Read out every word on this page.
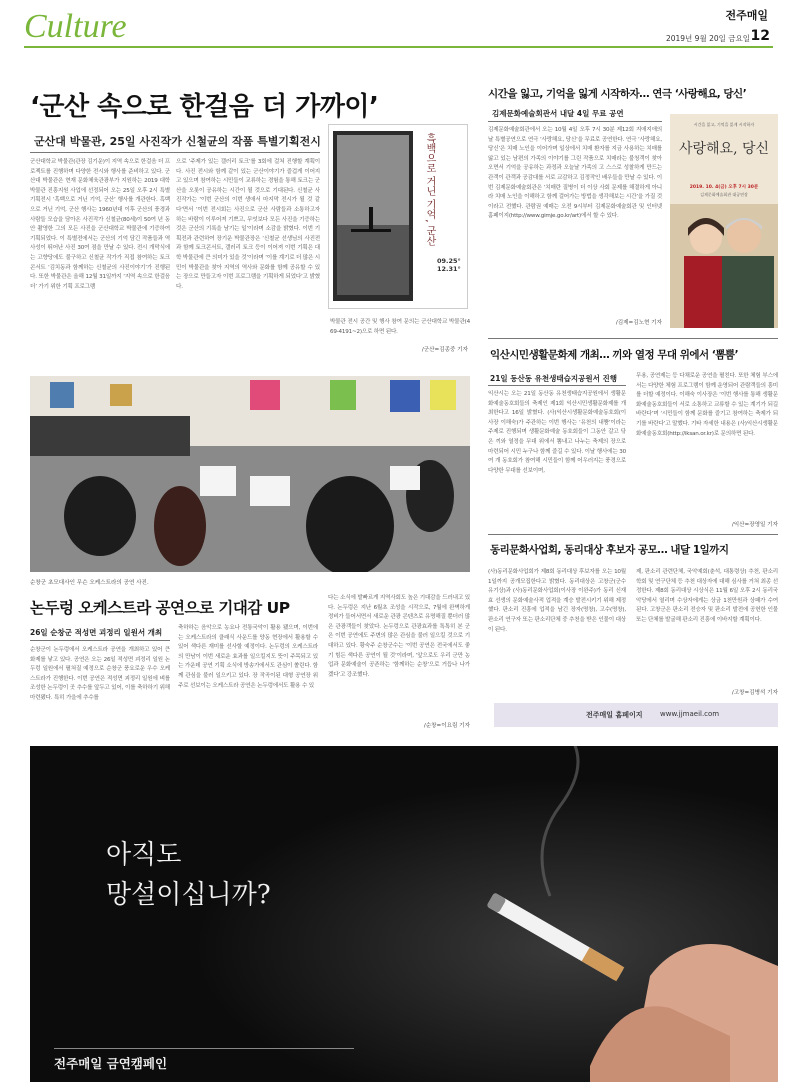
Culture	전주매일
2019년 9월 20일 금요일 12
‘군산 속으로 한걸음 더 가까이’
군산대 박물관, 25일 사진작가 신철균의 작품 특별기획전시
군산대학교 박물관(관장 김기운)이 지역 속으로 한걸음 더 프로젝트를 진행하며 다양한 전시와 행사를 준비하고 있다. 군산대 박물관은 현재 문화체육관광부가 지원하는 2019 대학박물관 진흥지원 사업에 선정되어 오는 25일 오후 2시 특별기획전시 ‘흑백으로 거닌 기억, 군산’ 행사를 개관한다. 흑백으로 거닌 기억, 군산 행사는 1960년대 이후 군산의 풍경과 사람들 모습을 담아온 사진작가 신철균(80세)이 50여 년 동안 촬영한 그의 모든 사진을 군산대학교 박물관에 기증하여 기획되었다. 이 특별전에서는 군산의 기억 담긴 작품들과 역사성이 뛰어난 사진 30여 점을 만날 수 있다. 전시 개막식에는 고향당에도 불구하고 신철균 작가가 직접 참여하는 토크콘서트 ‘김치동과 함께하는 신철균의 사진이야기’가 진행된다. 또한 박물관은 올해 12월 31일까지 ‘지역 속으로 한걸음 더’ 가기 위한 기획 프로그램
으로 ‘주제가 있는 갤러리 토크’를 3회에 걸쳐 진행할 계획이다. 사진 전시와 함께 같이 있는 군산이야기가 즐겁게 이어지고 있으며 참여하는 시민들이 교류하는 경험을 통해 토크는 군산을 오롯이 공유하는 시간이 될 것으로 기대된다. 신철균 사진작가는 ‘이번 군산의 이번 생애서 마지막 전시가 될 것 같다’면서 ‘이번 전시회는 사진으로 군산 사람들과 소통하고자 하는 바람이 이루어져 기쁘고, 무엇보다 모든 사진을 기증하는 것은 군산의 기록을 남기는 일’이라며 소감을 밝혔다. 이번 기획전과 관련하여 장기운 박물관장은 ‘신철균 선생님의 사진전과 함께 토크콘서트, 갤러리 토크 등이 이어져 이번 기획은 대학 박물관에 큰 의미가 있을 것’이라며 ‘이를 계기로 더 많은 시민이 박물관을 찾아 지역의 역사와 문화를 함께 공유할 수 있는 장으로 만들고자 이번 프로그램을 기획하게 되었다’고 밝혔다.
흑백으로 거닌 기억, 군산
09.25°
12.31°
박물관 전시 공간 및 행사 참여 문의는 군산대학교 박물관(469-4191~2)으로 하면 된다.
/군산=김종중 기자
시간을 잃고, 기억을 잃게 시작하자… 연극 ‘사랑해요, 당신’
김제문화예술회관서 내달 4일 무료 공연
김제문화예술회관에서 오는 10월 4일 오후 7시 30분 제12회 지애지애의 날 특별공연으로 연극 ‘사랑해요, 당신’을 무료로 공연한다. 연극 ‘사랑해요, 당신’은 치매 노인을 이어가며 일상에서 치매 환자를 지금 사용하는 치매를 앓고 있는 남편의 가족의 이야기를 그린 작품으로 치매라는 불청객이 찾아오면서 기억을 공유하는 과정과 오늘날 가족의 고 스스로 성찰하게 만드는 관객이 관객과 공감대를 서로 교감하고 김정작인 배우들을 만날 수 있다. 이번 김제문화예술회관은 ‘치매란 질병이 더 이상 사회 문제를 해결하게 아니라 치매 노인을 이해하고 함께 걸어가는 방법을 생각해보는 시간’을 가질 것이라고 전했다. 관람권 예매는 오전 9시부터 김제문화예술회관 및 인터넷 홈페이지(http://www.gimje.go.kr/art)에서 할 수 있다.
/김제=김노현 기자
시간을 잃고, 기억을 잃게 시작하자
사랑해요, 당신
2019. 10. 4(금) 오후 7시 30분
김제문화예술회관 대공연장
순창군 초모대사인 무슨 오케스트라의 공연 사진.
논두렁 오케스트라 공연으로 기대감 UP
26일 순창군 적성면 괴정리 일원서 개최
순창군이 논두렁에서 오케스트라 공연을 개최하고 있어 큰 화제를 낳고 있다. 공연은 오는 26일 적성면 괴정리 일원 논두렁 일원에서 펼쳐질 예정으로 순창군 풍요로운 우수 오케스트라가 진행한다. 이번 공연은 적성면 괴정리 일원에 벼를 조성한 논두렁이 곳 추수를 앞두고 있어, 이를 축하하기 위해 마련됐다. 특히 가을에 추수를
축하하는 음악으로 농요나 전통국악이 활용 됐으며, 이번에는 오케스트라의 클래식 사운드를 양동 현장에서 활용할 수 있어 색다른 재미를 선사할 예정이다. 논두렁의 오케스트라의 만남이 이번 새로운 효과를 일으킬지도 뜻이 주목되고 있는 가운데 공연 기획 소식에 방송가에서도 관심이 쏠린다. 함께 관심을 불러 일으키고 있다. 장 작곡이된 대형 공연장 위주로 선보이는 오케스트라 공연은 논두렁에서도 활용 수 있
다는 소식에 발빠르게 지역사회도 높은 기대감을 드러내고 있다. 논두렁은 지난 6월초 조성을 시작으로, 7월에 완벽하게 정비가 들어서면서 새로운 관광 콘텐츠로 유명해질 뿐더러 많은 관광객들이 찾았다. 논두렁으로 관광효과를 톡톡히 본 군은 이번 공연에도 주변의 많은 관심을 불러 일으킬 것으로 기대하고 있다. 황숙주 순창군수는 ‘이번 공연은 전국에서도 좋기 힘든 색다른 공연이 될 것’이라며, ‘앞으로도 우리 군만 농업과 문화예술이 공존하는 ‘함께하는 순창’으로 거듭나 나가겠다’고 강조했다.
/순창=이요림 기자
익산시민생활문화제 개최… 끼와 열정 무대 위에서 ‘뽐뿜’
21일 동산동 유천생태습지공원서 진행
익산시는 오는 21일 동산동 유천생태습지공원에서 생활문화예술동호회들의 축제인 제1회 익산시민생활문화제를 개최한다고 16일 밝혔다. (사)익산시생활문화예술동호회(이사장 이해숙)가 주관하는 이번 행사는 ‘유천의 내뿜’이라는 주제로 진행되며 생활문화예술 동호회들이 그동안 갈고 닦은 끼와 열정을 무대 위에서 뽐내고 나누는 축제의 장으로 마련되어 시민 누구나 함께 즐길 수 있다. 이날 행사에는 30여 개 동호회가 참여해 시민들이 함께 어우러지는 풍경으로 다양한 무대를 선보이며,
무용, 공연제는 등 다채로운 공연을 펼친다. 또한 체험 부스에서는 다양한 체험 프로그램이 함께 운영되어 관람객들의 흥미를 더할 예정이다. 이해숙 이사장은 ‘이번 행사를 통해 생활문화예술동호회들이 서로 소통하고 교류할 수 있는 계기가 되길 바란다’며 ‘시민들이 함께 문화를 즐기고 참여하는 축제가 되기를 바란다’고 말했다. 기타 자세한 내용은 (사)익산시생활문화예술동호회(http://iksan.or.kr)로 문의하면 된다.
/익산=장영일 기자
동리문화사업회, 동리대상 후보자 공모… 내달 1일까지
(사)동리문화사업회가 제8회 동리대상 후보자를 오는 10월 1일까지 공개모집한다고 밝혔다. 동리대상은 고창군(군수 유기상)과 (사)동리문화사업회(이사장 이완주)가 동리 신재효 선생의 문화예술사적 업적을 계승 발전시키기 위해 제정했다. 판소리 진흥에 업적을 남긴 장자(명창), 고수(명창), 판소리 연구자 또는 판소리단체 중 추천을 받은 인물이 대상이 된다.
제, 판소리 관련단체, 국악예회(춘석, 대통령상) 추천, 판소리 학회 및 연구단체 등 추천 대상자에 대해 심사를 거쳐 최종 선정한다. 제8회 동리대상 시상식은 11월 6일 오후 2시 동리국악당에서 열리며 수상자에게는 상금 1천만원과 상패가 수여된다. 고창군은 판소리 전승자 및 판소리 발전에 공헌한 인물 또는 단체를 발굴해 판소리 진흥에 이바지할 계획이다.
/고창=김병석 기자
전주매일 홈페이지 www.jjmaeil.com
아직도
망설이십니까?
전주매일 금연캠페인
